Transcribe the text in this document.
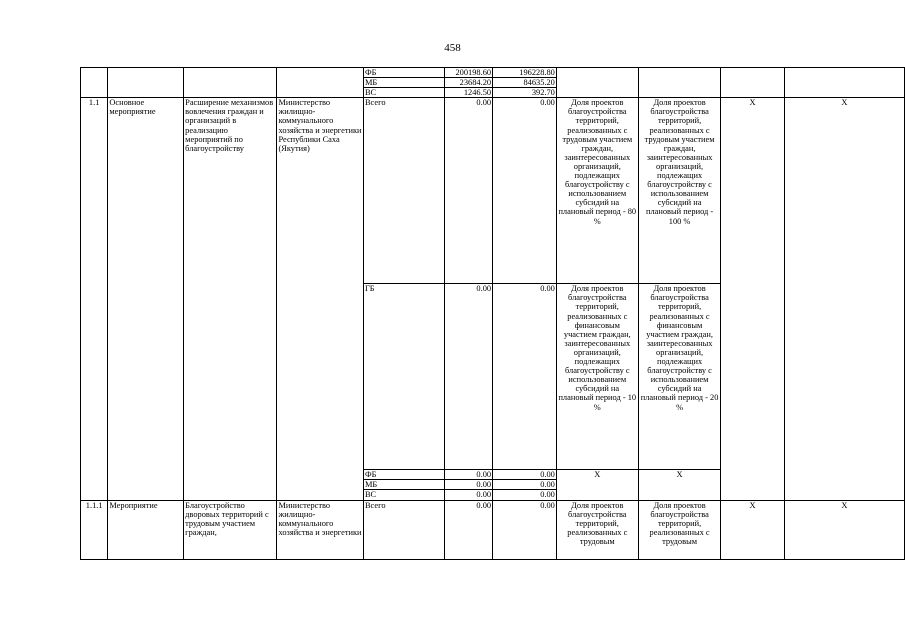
458
				ФБ	200198.60	196228.80				
				МБ	23684.20	84635.20				
				ВС	1246.50	392.70				
1.1	Основное мероприятие	Расширение механизмов вовлечения граждан и организаций в реализацию мероприятий по благоустройству	Министерство жилищно-коммунального хозяйства и энергетики Республики Саха (Якутия)	Всего	0.00	0.00	Доля проектов благоустройства территорий, реализованных с трудовым участием граждан, заинтересованных организаций, подлежащих благоустройству с использованием субсидий на плановый период - 80 %	Доля проектов благоустройства территорий, реализованных с трудовым участием граждан, заинтересованных организаций, подлежащих благоустройству с использованием субсидий на плановый период - 100 %	Х	Х
				ГБ	0.00	0.00	Доля проектов благоустройства территорий, реализованных с финансовым участием граждан, заинтересованных организаций, подлежащих благоустройству с использованием субсидий на плановый период - 10 %	Доля проектов благоустройства территорий, реализованных с финансовым участием граждан, заинтересованных организаций, подлежащих благоустройству с использованием субсидий на плановый период - 20 %		
				ФБ	0.00	0.00	Х	Х		
				МБ	0.00	0.00				
				ВС	0.00	0.00				
1.1.1	Мероприятие	Благоустройство дворовых территорий с трудовым участием граждан,	Министерство жилищно-коммунального хозяйства и энергетики	Всего	0.00	0.00	Доля проектов благоустройства территорий, реализованных с трудовым	Доля проектов благоустройства территорий, реализованных с трудовым	Х	Х
